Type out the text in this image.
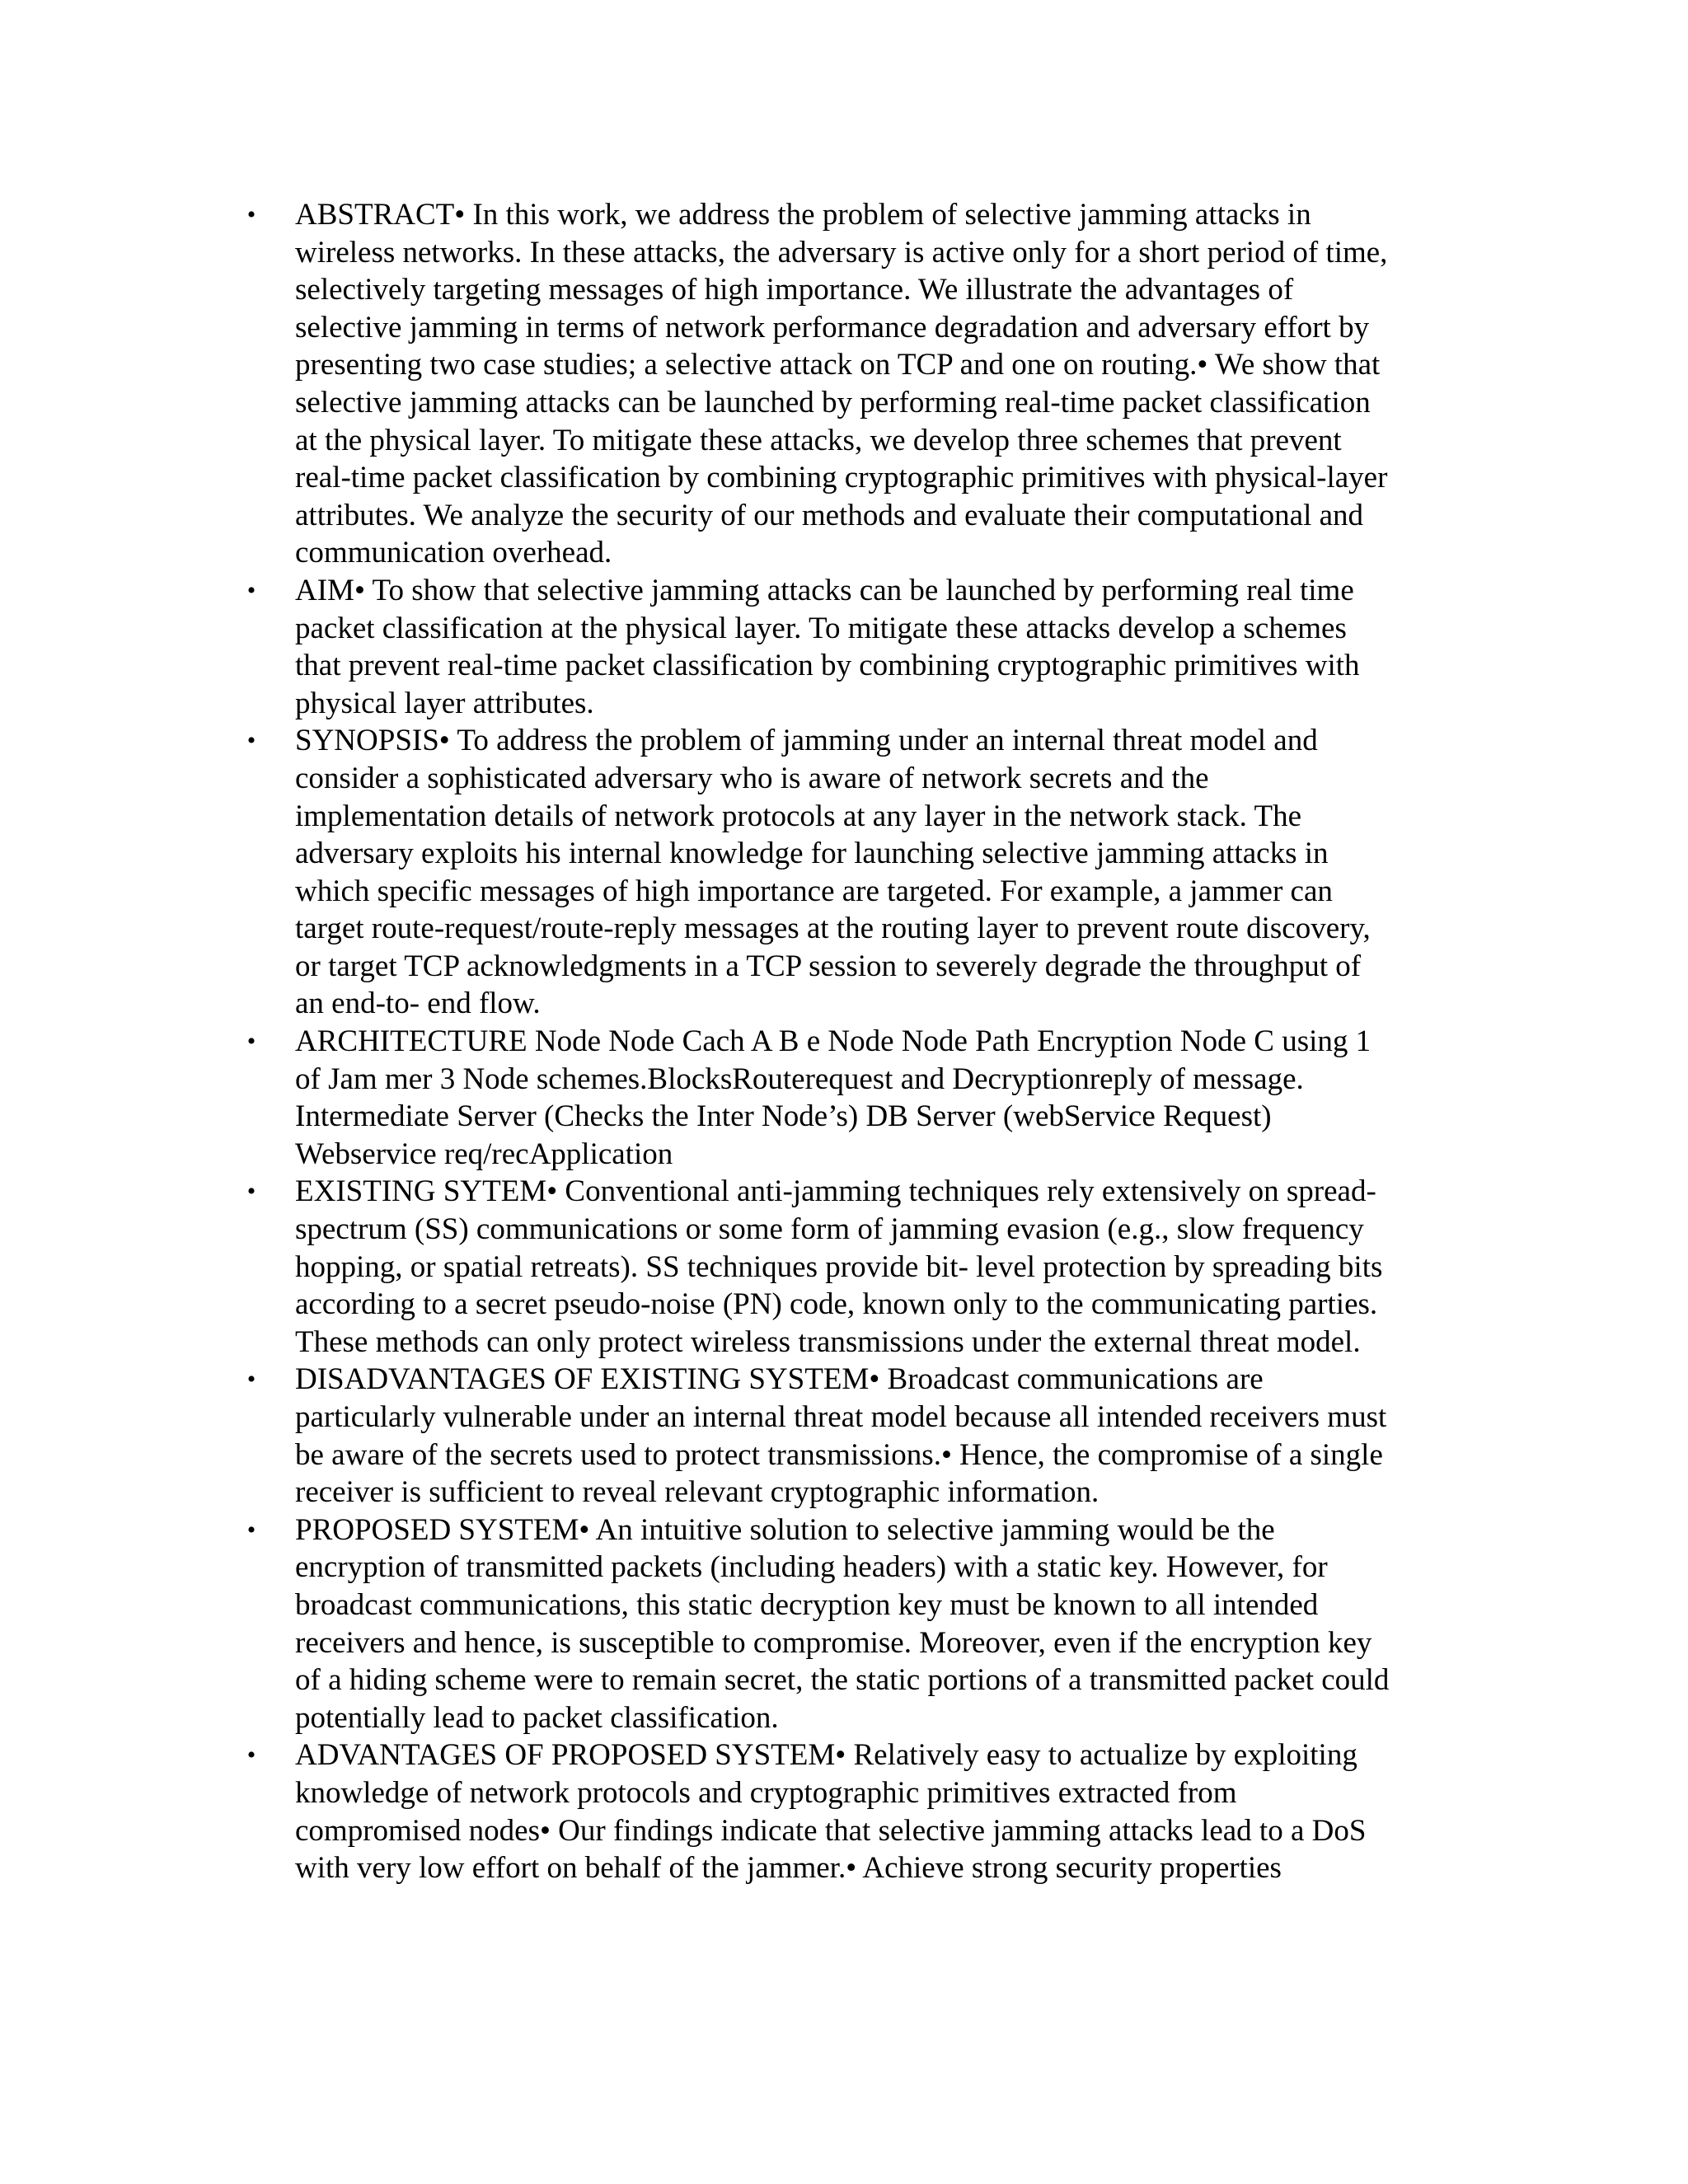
• ABSTRACT• In this work, we address the problem of selective jamming attacks in
wireless networks. In these attacks, the adversary is active only for a short period of time,
selectively targeting messages of high importance. We illustrate the advantages of
selective jamming in terms of network performance degradation and adversary effort by
presenting two case studies; a selective attack on TCP and one on routing.• We show that
selective jamming attacks can be launched by performing real-time packet classification
at the physical layer. To mitigate these attacks, we develop three schemes that prevent
real-time packet classification by combining cryptographic primitives with physical-layer
attributes. We analyze the security of our methods and evaluate their computational and
communication overhead.
• AIM• To show that selective jamming attacks can be launched by performing real time
packet classification at the physical layer. To mitigate these attacks develop a schemes
that prevent real-time packet classification by combining cryptographic primitives with
physical layer attributes.
• SYNOPSIS• To address the problem of jamming under an internal threat model and
consider a sophisticated adversary who is aware of network secrets and the
implementation details of network protocols at any layer in the network stack. The
adversary exploits his internal knowledge for launching selective jamming attacks in
which specific messages of high importance are targeted. For example, a jammer can
target route-request/route-reply messages at the routing layer to prevent route discovery,
or target TCP acknowledgments in a TCP session to severely degrade the throughput of
an end-to- end flow.
• ARCHITECTURE Node Node Cach A B e Node Node Path Encryption Node C using 1
of Jam mer 3 Node schemes.BlocksRouterequest and Decryptionreply of message.
Intermediate Server (Checks the Inter Node’s) DB Server (webService Request)
Webservice req/recApplication
• EXISTING SYTEM• Conventional anti-jamming techniques rely extensively on spread-
spectrum (SS) communications or some form of jamming evasion (e.g., slow frequency
hopping, or spatial retreats). SS techniques provide bit- level protection by spreading bits
according to a secret pseudo-noise (PN) code, known only to the communicating parties.
These methods can only protect wireless transmissions under the external threat model.
• DISADVANTAGES OF EXISTING SYSTEM• Broadcast communications are
particularly vulnerable under an internal threat model because all intended receivers must
be aware of the secrets used to protect transmissions.• Hence, the compromise of a single
receiver is sufficient to reveal relevant cryptographic information.
• PROPOSED SYSTEM• An intuitive solution to selective jamming would be the
encryption of transmitted packets (including headers) with a static key. However, for
broadcast communications, this static decryption key must be known to all intended
receivers and hence, is susceptible to compromise. Moreover, even if the encryption key
of a hiding scheme were to remain secret, the static portions of a transmitted packet could
potentially lead to packet classification.
• ADVANTAGES OF PROPOSED SYSTEM• Relatively easy to actualize by exploiting
knowledge of network protocols and cryptographic primitives extracted from
compromised nodes• Our findings indicate that selective jamming attacks lead to a DoS
with very low effort on behalf of the jammer.• Achieve strong security properties
